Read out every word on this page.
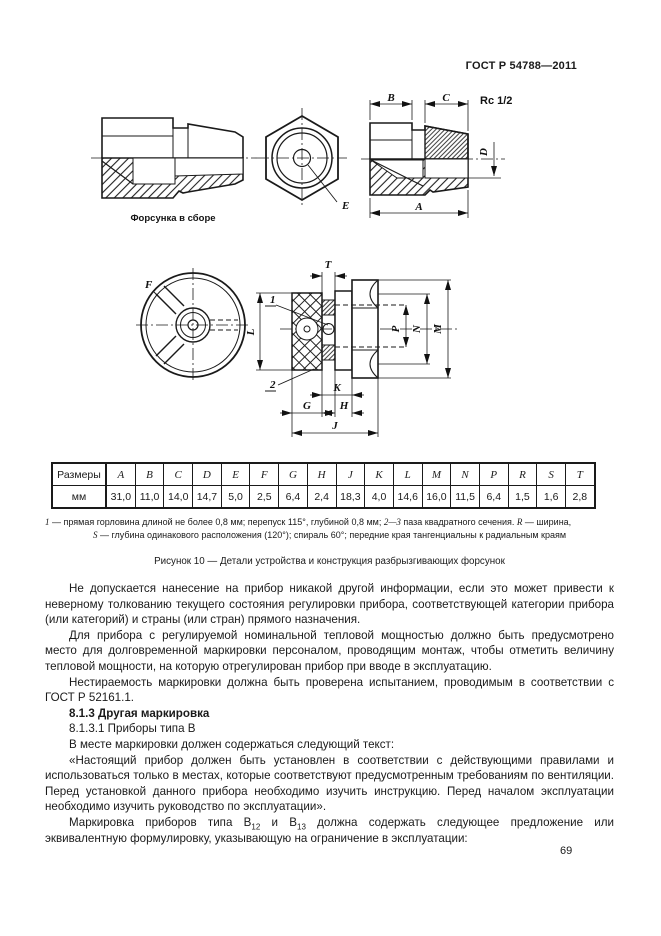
ГОСТ Р 54788—2011
Форсунка в сборе
E
B	C	Rc 1/2
A
D
F
T
1
2
L	P N M
K
G	H
J
Размеры	A	B	C	D	E	F	G	H	J	K	L	M	N	P	R	S	T
мм	31,0	11,0	14,0	14,7	5,0	2,5	6,4	2,4	18,3	4,0	14,6	16,0	11,5	6,4	1,5	1,6	2,8
1 — прямая горловина длиной не более 0,8 мм; перепуск 115°, глубиной 0,8 мм; 2—3 паза квадратного сечения. R — ширина,
S — глубина одинакового расположения (120°); спираль 60°; передние края тангенциальны к радиальным краям
Рисунок 10 — Детали устройства и конструкция разбрызгивающих форсунок

Не допускается нанесение на прибор никакой другой информации, если это может привести к неверному толкованию текущего состояния регулировки прибора, соответствующей категории прибора (или категорий) и страны (или стран) прямого назначения.

Для прибора с регулируемой номинальной тепловой мощностью должно быть предусмотрено место для долговременной маркировки персоналом, проводящим монтаж, чтобы отметить величину тепловой мощности, на которую отрегулирован прибор при вводе в эксплуатацию.

Нестираемость маркировки должна быть проверена испытанием, проводимым в соответствии с ГОСТ Р 52161.1.

8.1.3 Другая маркировка

8.1.3.1 Приборы типа B

В месте маркировки должен содержаться следующий текст:

«Настоящий прибор должен быть установлен в соответствии с действующими правилами и использоваться только в местах, которые соответствуют предусмотренным требованиям по вентиляции. Перед установкой данного прибора необходимо изучить инструкцию. Перед началом эксплуатации необходимо изучить руководство по эксплуатации».

Маркировка приборов типа $B_{12}$ и $B_{13}$ должна содержать следующее предложение или эквивалентную формулировку, указывающую на ограничение в эксплуатации:

69
